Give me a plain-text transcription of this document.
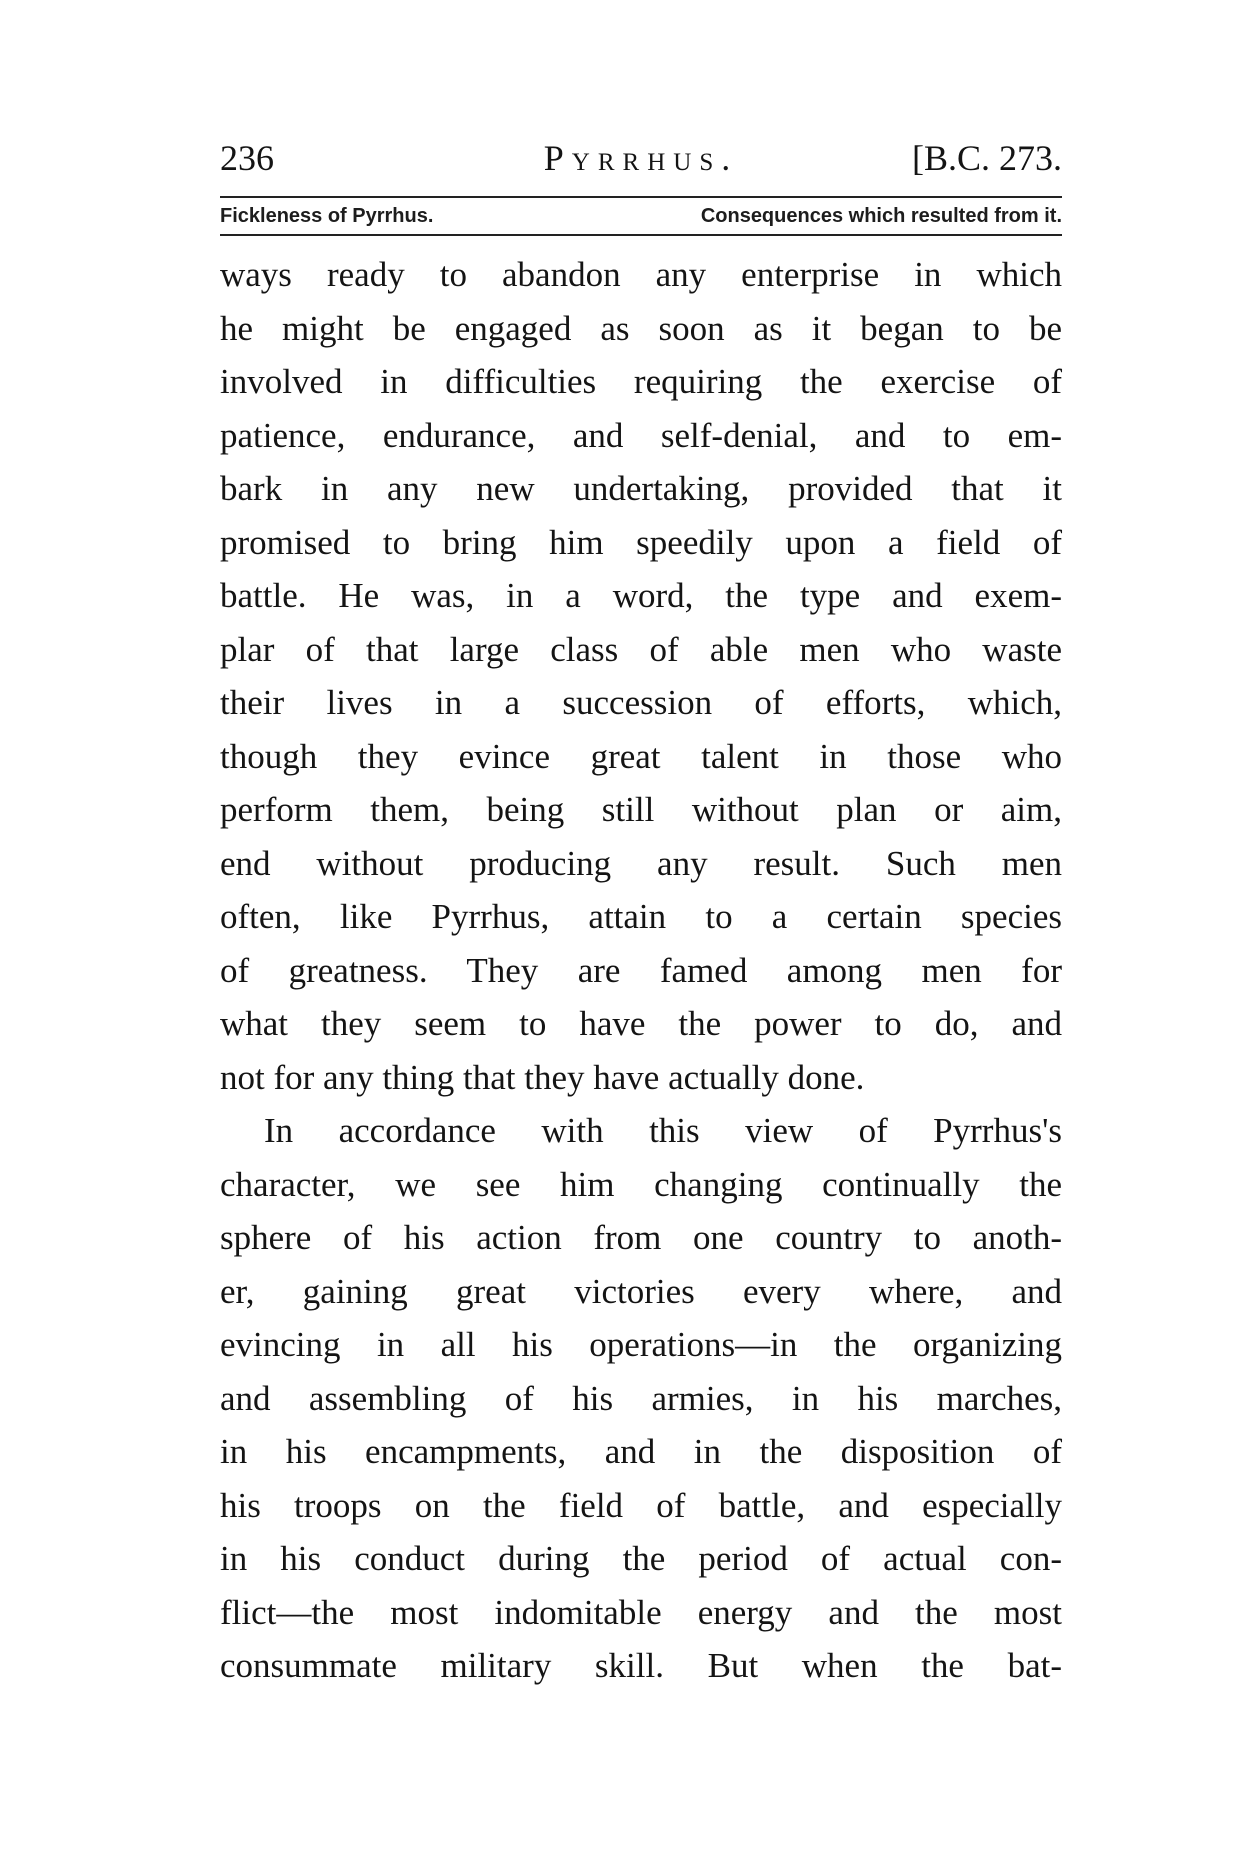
236	Pyrrhus.	[B.C. 273.
Fickleness of Pyrrhus.	Consequences which resulted from it.
ways ready to abandon any enterprise in which
he might be engaged as soon as it began to be
involved in difficulties requiring the exercise of
patience, endurance, and self-denial, and to em-
bark in any new undertaking, provided that it
promised to bring him speedily upon a field of
battle. He was, in a word, the type and exem-
plar of that large class of able men who waste
their lives in a succession of efforts, which,
though they evince great talent in those who
perform them, being still without plan or aim,
end without producing any result. Such men
often, like Pyrrhus, attain to a certain species
of greatness. They are famed among men for
what they seem to have the power to do, and
not for any thing that they have actually done.
In accordance with this view of Pyrrhus's
character, we see him changing continually the
sphere of his action from one country to anoth-
er, gaining great victories every where, and
evincing in all his operations—in the organizing
and assembling of his armies, in his marches,
in his encampments, and in the disposition of
his troops on the field of battle, and especially
in his conduct during the period of actual con-
flict—the most indomitable energy and the most
consummate military skill. But when the bat-
